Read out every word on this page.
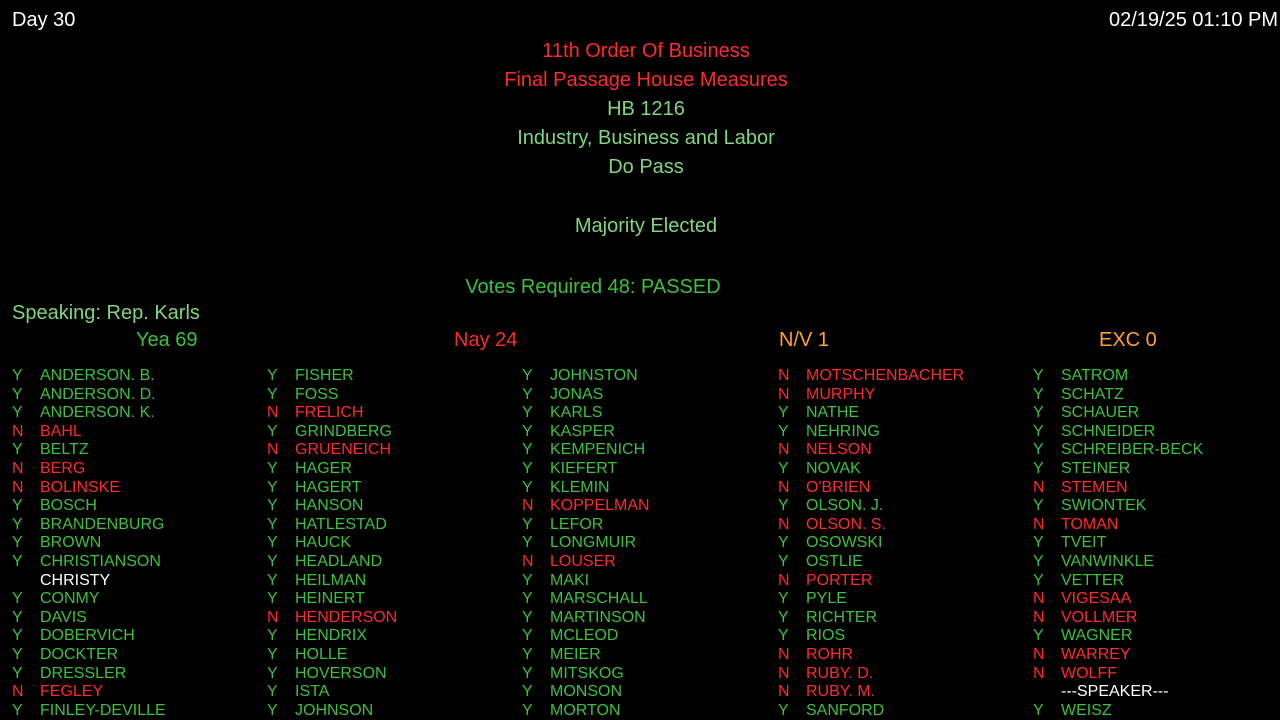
Day 30	02/19/25 01:10 PM
11th Order Of Business
Final Passage House Measures
HB 1216
Industry, Business and Labor
Do Pass
Majority Elected
Votes Required 48: PASSED
Speaking: Rep. Karls
Yea 69	Nay 24	N/V 1	EXC 0
Y	ANDERSON. B.
Y	ANDERSON. D.
Y	ANDERSON. K.
N	BAHL
Y	BELTZ
N	BERG
N	BOLINSKE
Y	BOSCH
Y	BRANDENBURG
Y	BROWN
Y	CHRISTIANSON
CHRISTY
Y	CONMY
Y	DAVIS
Y	DOBERVICH
Y	DOCKTER
Y	DRESSLER
N	FEGLEY
Y	FINLEY-DEVILLE
Y	FISHER
Y	FOSS
N	FRELICH
Y	GRINDBERG
N	GRUENEICH
Y	HAGER
Y	HAGERT
Y	HANSON
Y	HATLESTAD
Y	HAUCK
Y	HEADLAND
Y	HEILMAN
Y	HEINERT
N	HENDERSON
Y	HENDRIX
Y	HOLLE
Y	HOVERSON
Y	ISTA
Y	JOHNSON
Y	JOHNSTON
Y	JONAS
Y	KARLS
Y	KASPER
Y	KEMPENICH
Y	KIEFERT
Y	KLEMIN
N	KOPPELMAN
Y	LEFOR
Y	LONGMUIR
N	LOUSER
Y	MAKI
Y	MARSCHALL
Y	MARTINSON
Y	MCLEOD
Y	MEIER
Y	MITSKOG
Y	MONSON
Y	MORTON
N	MOTSCHENBACHER
N	MURPHY
Y	NATHE
Y	NEHRING
N	NELSON
Y	NOVAK
N	O'BRIEN
Y	OLSON. J.
N	OLSON. S.
Y	OSOWSKI
Y	OSTLIE
N	PORTER
Y	PYLE
Y	RICHTER
Y	RIOS
N	ROHR
N	RUBY. D.
N	RUBY. M.
Y	SANFORD
Y	SATROM
Y	SCHATZ
Y	SCHAUER
Y	SCHNEIDER
Y	SCHREIBER-BECK
Y	STEINER
N	STEMEN
Y	SWIONTEK
N	TOMAN
Y	TVEIT
Y	VANWINKLE
Y	VETTER
N	VIGESAA
N	VOLLMER
Y	WAGNER
N	WARREY
N	WOLFF
---SPEAKER---
Y	WEISZ
